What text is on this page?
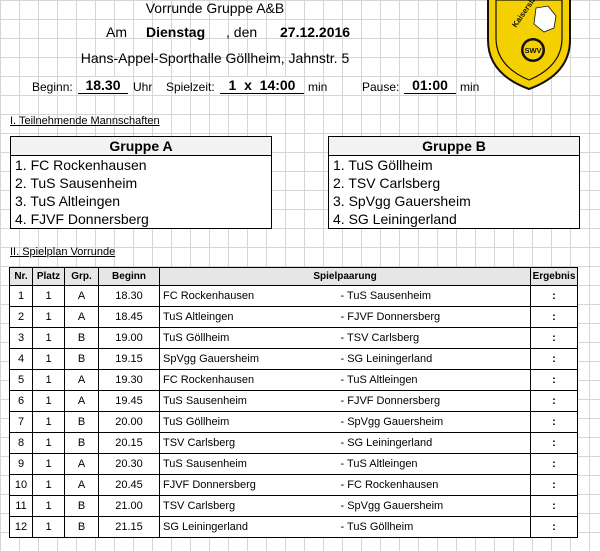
Vorrunde Gruppe A&B
Am Dienstag , den 27.12.2016
Hans-Appel-Sporthalle Göllheim, Jahnstr. 5
Beginn: 18.30	Uhr Spielzeit: 1  x  14:00	min	Pause: 01:00	min
SWV
I. Teilnehmende Mannschaften
Gruppe A
1. FC Rockenhausen
2. TuS Sausenheim
3. TuS Altleingen
4. FJVF Donnersberg
Gruppe B
1. TuS Göllheim
2. TSV Carlsberg
3. SpVgg Gauersheim
4. SG Leiningerland
II. Spielplan Vorrunde
Nr.	Platz	Grp.	Beginn	Spielpaarung		Ergebnis
1	1	A	18.30	FC Rockenhausen	- TuS Sausenheim	:
2	1	A	18.45	TuS Altleingen	- FJVF Donnersberg	:
3	1	B	19.00	TuS Göllheim	- TSV Carlsberg	:
4	1	B	19.15	SpVgg Gauersheim	- SG Leiningerland	:
5	1	A	19.30	FC Rockenhausen	- TuS Altleingen	:
6	1	A	19.45	TuS Sausenheim	- FJVF Donnersberg	:
7	1	B	20.00	TuS Göllheim	- SpVgg Gauersheim	:
8	1	B	20.15	TSV Carlsberg	- SG Leiningerland	:
9	1	A	20.30	TuS Sausenheim	- TuS Altleingen	:
10	1	A	20.45	FJVF Donnersberg	- FC Rockenhausen	:
11	1	B	21.00	TSV Carlsberg	- SpVgg Gauersheim	:
12	1	B	21.15	SG Leiningerland	- TuS Göllheim	:
